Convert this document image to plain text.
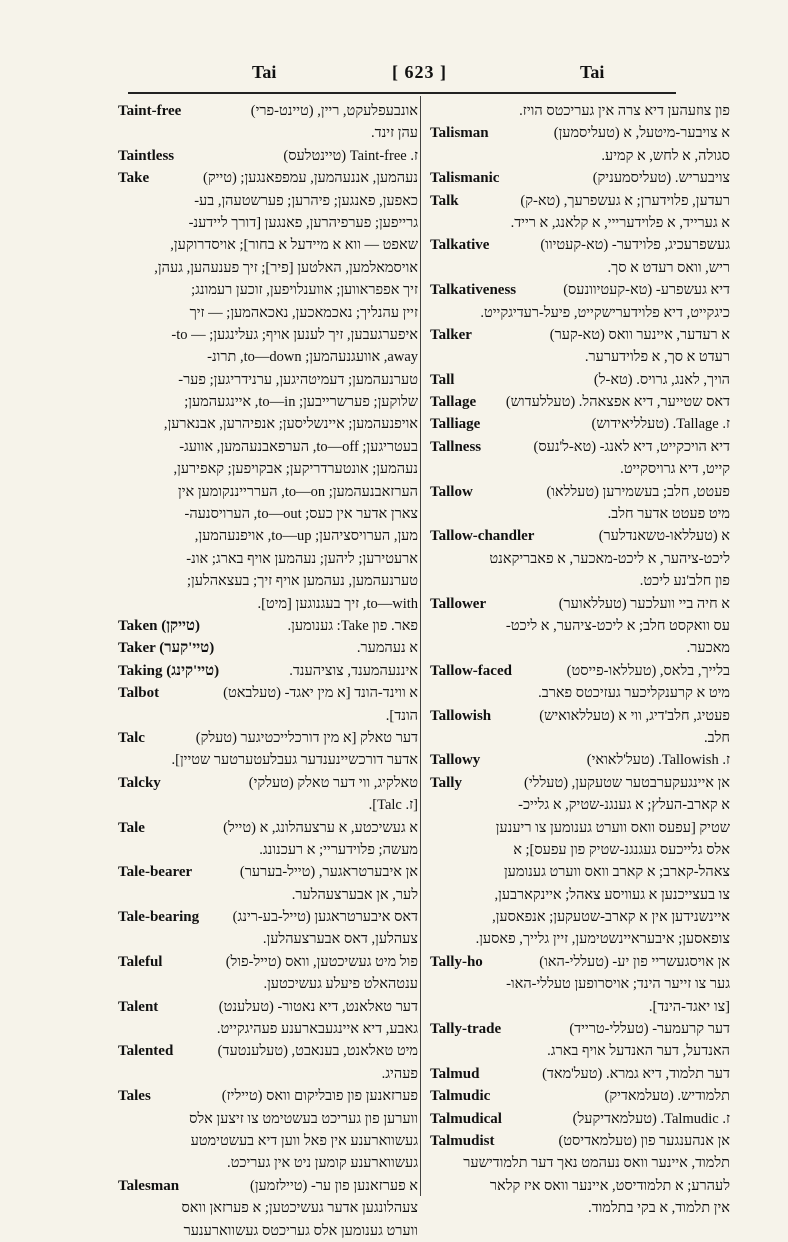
Tai	[ 623 ]	Tai
Taint-free	אונבעפלעקט, ריין, (טיינט-פרי)
עהן זינד.
Taintless	ז. Taint-free (טיינטלעס)
Take	נעהמען, אננעהמען, עמפפאנגען; (טייק)
כאפען, פאנגען; פיהרען; פערשטעהן, בע-
גרייפען; פערפיהרען, פאנגען [דורך ליידענ-
שאפט — ווא א מיידעל א בחור]; אויסדרוקען,
אויסמאלמען, האלטען [פיר]; זיך פענעהען, געהן,
זיך אפפראווען; אווענלויפען, זוכען רעמונג;
זיין עהנליך; נאכמאכען, נאכאהמען; — זיך
איפערגעבען, זיך לענען אויף; געלינגען; — to-
away, אוועגנעהמען; to—down, תרונ-
טערנעהמען; דעמיטהיגען, ערנידריגען; פער-
שלוקען; פערשרייבען; to—in, איינגעהמען;
אויפנעהמען; איינשליסען; אנפיהרען, אבנארען,
בעטריגען; to—off, הערפאבנעהמען, אוועג-
נעהמען; אונטערדריקען; אבקויפען; קאפירען,
הערזאבנעהמען; to—on, העררייננקומען אין
צארן אדער אין כעס; to—out, הערויסנעה-
מען, הערויסציהען; to—up, אויפנעהמען,
ארעטירען; ליהען; נעהמען אויף בארג; אונ-
טערנעהמען, נעהמען אויף זיך; בעצאהלען;
to—with, זיך בעגנוגען [מיט].
Taken (טייקן)	פאר. פון Take: גענומען.
Taker (טיי'קער)	א נעהמער.
Taking (טיי'קינג)	איננעהמענד, צוציהענד.
Talbot	א ווינד-הונד [א מין יאגד- (טעלבאט)
הונד].
Talc	דער טאלק [א מין דורכלייכטיגער (טעלק)
אדער דורכשיינענדער געבלעטערטער שטיין].
Talcky	טאלקיג, ווי דער טאלק (טעלקי)
[ז. Talc].
Tale	א געשיכטע, א ערצעהלונג, א (טייל)
מעשה; פלוידעריי; א רעכנונג.
Tale-bearer	אן איבערטראגער, (טייל-בערער)
לער, אן אבערצעהלער.
Tale-bearing דאס איבערטראגען (טייל-בע-רינג)
צעהלען, דאס אבערצעהלען.
Taleful	פול מיט געשיכטען, וואס (טייל-פול)
ענטהאלט פיעלע געשיכטען.
Talent	דער טאלאנט, דיא נאטור- (טעלענט)
גאבע, דיא איינגעבארענע פעהיגקייט.
Talented	מיט טאלאנט, בענאבט, (טעלענטעד)
פעהיג.
Tales	פערזאנען פון פובליקום וואס (טייליז)
ווערען פון געריכט בעשטימט צו זיצען אלס
געשווארענע אין פאל ווען דיא בעשטימטע
געשווארענע קומען ניט אין געריכט.
Talesman	א פערזאנען פון ער- (טיילזמען)
צעהלונגען אדער געשיכטען; א פערזאן וואס
ווערט גענומען אלס געריכטס געשווארענער
פון צוזעהען דיא צרה אין געריכטס הויז.
Talisman	א צויבער-מיטעל, א (טעליסמען)
סגולה, א לחש, א קמיע.
Talismanic	צויבעריש. (טעליסמעניק)
Talk	רעדען, פלוידערן; א געשפרעך, (טא-ק)
א גערייד, א פלוידערייי, א קלאנג, א רייד.
Talkative	געשפרעכיג, פלוידער- (טא-קעטיוו)
ריש, וואס רעדט א סך.
Talkativeness	דיא געשפרע- (טא-קעטיוונעס)
כיגקייט, דיא פלוידערישקייט, פיעל-רעדיגקייט.
Talker	א רעדער, איינער וואס (טא-קער)
רעדט א סך, א פלוידערער.
Tall	הויך, לאנג, גרויס. (טא-ל)
Tallage דאס שטייער, דיא אפצאהל. (טעללעדוש)
Talliage	ז. Tallage. (טעלליאידוש)
Tallness	דיא הויכקייט, דיא לאנג- (טא-ל'נעס)
קייט, דיא גרויסקייט.
Tallow	פעטט, חלב; בעשמירען (טעללאו)
מיט פעטט אדער חלב.
Tallow-chandler	א (טעללאו-טשאנדלער)
ליכט-ציהער, א ליכט-מאכער, א פאבריקאנט
פון חלב'נע ליכט.
Tallower	א חיה ביי וועלכער (טעללאוער)
עס וואקסט חלב; א ליכט-ציהער, א ליכט-
מאכער.
Tallow-faced	בלייך, בלאס, (טעללאו-פייסט)
מיט א קרענקליכער געזיכטס פארב.
Tallowish	פעטיג, חלב'דיג, ווי א (טעללאואיש)
חלב.
Tallowy	ז. Tallowish. (טעל'לאואי)
Tally	אן איינגעקערבטער שטעקען, (טעללי)
א קארב-העלץ; א גענגנ-שטיק, א גלייכ-
שטיק [עפעס וואס ווערט גענומען צו ריענען
אלס גלייכעס געגנגנ-שטיק פון עפעס]; א
צאהל-קארב; א קארב וואס ווערט גענומען
צו בעצייכנען א געוויסע צאהל; איינקארבען,
איינשנידען אין א קארב-שטעקען; אנפאסען,
צופאסען; איבעראיינשטימען, זיין גלייך, פאסען.
Tally-ho	אן אויסגעשריי פון יע- (טעללי-האו)
גער צו זייער הינד; אויסרופען טעללי-האו-
[צו יאגד-הינד].
Tally-trade	דער קרעמער- (טעללי-טרייד)
האנדעל, דער האנדעל אויף בארג.
Talmud	דער תלמוד, דיא גמרא. (טעל'מאד)
Talmudic	תלמודיש. (טעלמאדיק)
Talmudical	ז. Talmudic. (טעלמאדיקעל)
Talmudist	אן אנהענגער פון (טעלמאדיסט)
תלמוד, איינער וואס נעהמט נאך דער תלמודישער
לעהרע; א תלמודיסט, איינער וואס איז קלאר
אין תלמוד, א בקי בתלמוד.
